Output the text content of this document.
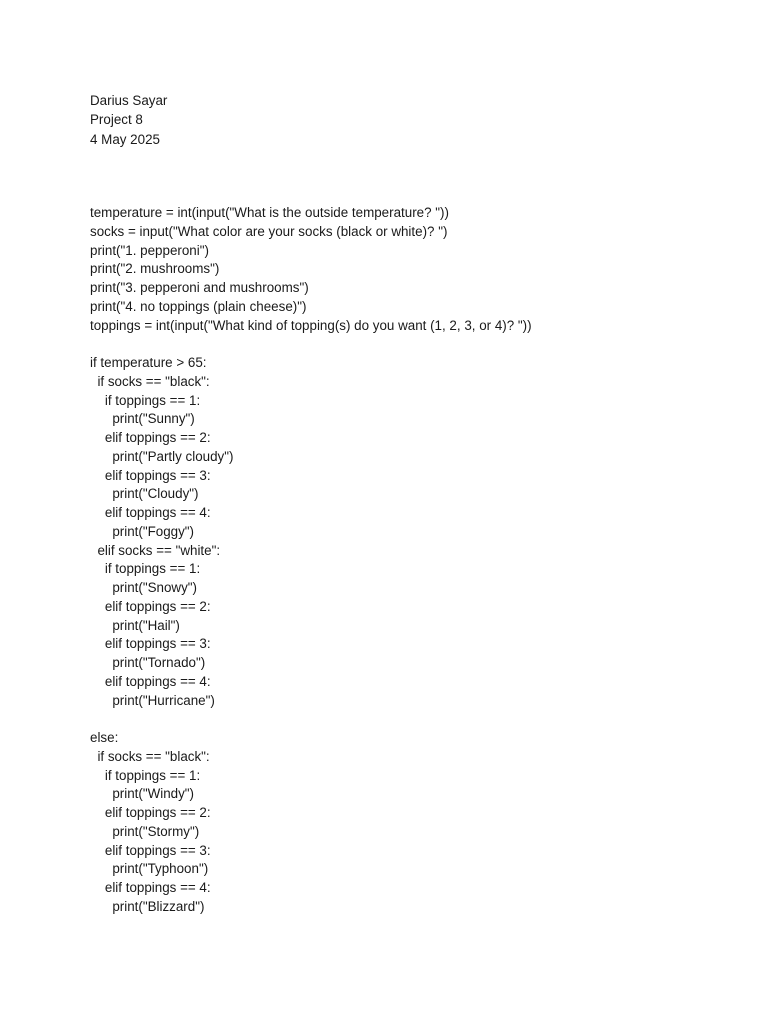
Darius Sayar
Project 8
4 May 2025
temperature = int(input("What is the outside temperature? "))
socks = input("What color are your socks (black or white)? ")
print("1. pepperoni")
print("2. mushrooms")
print("3. pepperoni and mushrooms")
print("4. no toppings (plain cheese)")
toppings = int(input("What kind of topping(s) do you want (1, 2, 3, or 4)? "))

if temperature > 65:
if socks == "black":
if toppings == 1:
print("Sunny")
elif toppings == 2:
print("Partly cloudy")
elif toppings == 3:
print("Cloudy")
elif toppings == 4:
print("Foggy")
elif socks == "white":
if toppings == 1:
print("Snowy")
elif toppings == 2:
print("Hail")
elif toppings == 3:
print("Tornado")
elif toppings == 4:
print("Hurricane")

else:
if socks == "black":
if toppings == 1:
print("Windy")
elif toppings == 2:
print("Stormy")
elif toppings == 3:
print("Typhoon")
elif toppings == 4:
print("Blizzard")
